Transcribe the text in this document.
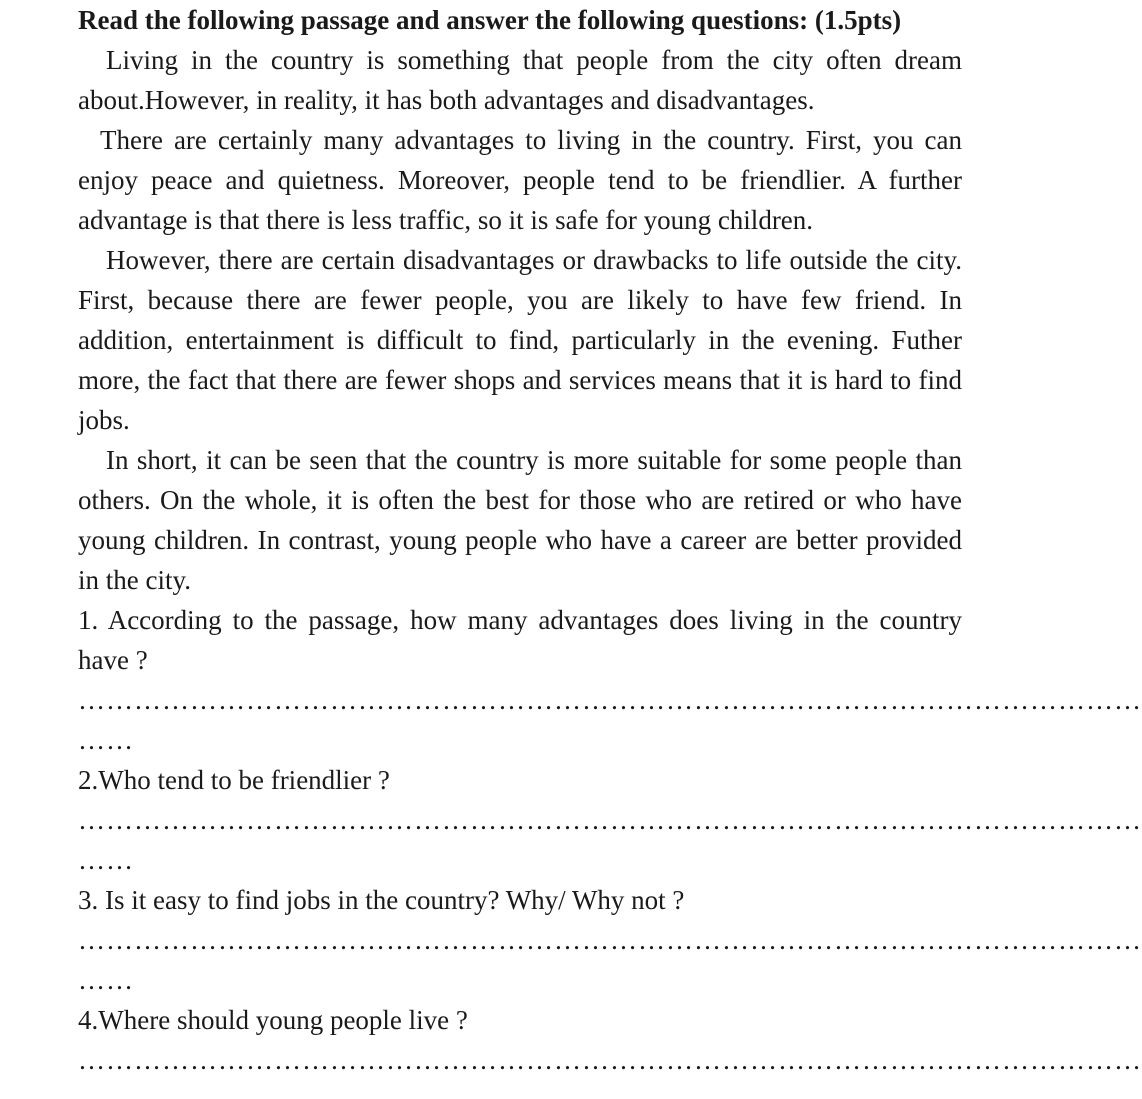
Read the following passage and answer the following questions: (1.5pts)

Living in the country is something that people from the city often dream about.However, in reality, it has both advantages and disadvantages.

There are certainly many advantages to living in the country. First, you can enjoy peace and quietness. Moreover, people tend to be friendlier. A further advantage is that there is less traffic, so it is safe for young children.

However, there are certain disadvantages or drawbacks to life outside the city. First, because there are fewer people, you are likely to have few friend. In addition, entertainment is difficult to find, particularly in the evening. Futher more, the fact that there are fewer shops and services means that it is hard to find jobs.

In short, it can be seen that the country is more suitable for some people than others. On the whole, it is often the best for those who are retired or who have young children. In contrast, young people who have a career are better provided in the city.

1. According to the passage, how many advantages does living in the country have ?

……………………………………………………………………………………………………

……

2.Who tend to be friendlier ?

……………………………………………………………………………………………………

……

3. Is it easy to find jobs in the country? Why/ Why not ?

……………………………………………………………………………………………………

……

4.Where should young people live ?

……………………………………………………………………………………………………
